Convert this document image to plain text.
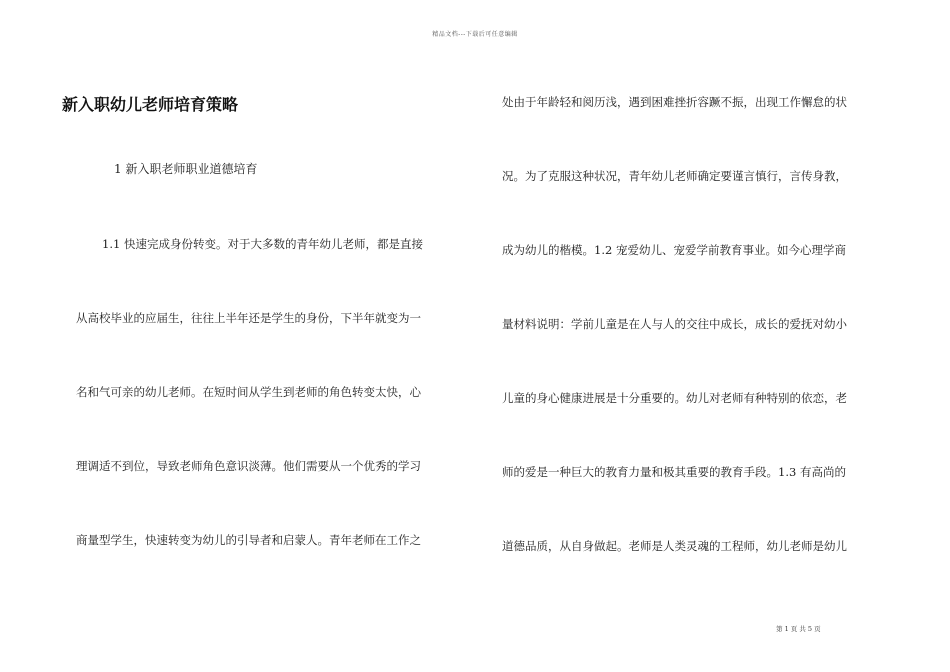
精品文档---下载后可任意编辑
新入职幼儿老师培育策略
1 新入职老师职业道德培育
1.1 快速完成身份转变。对于大多数的青年幼儿老师，都是直接
从高校毕业的应届生，往往上半年还是学生的身份，下半年就变为一
名和气可亲的幼儿老师。在短时间从学生到老师的角色转变太快，心
理调适不到位，导致老师角色意识淡薄。他们需要从一个优秀的学习
商量型学生，快速转变为幼儿的引导者和启蒙人。青年老师在工作之
处由于年龄轻和阅历浅，遇到困难挫折容蹶不振，出现工作懈怠的状
况。为了克服这种状况，青年幼儿老师确定要谨言慎行，言传身教，
成为幼儿的楷模。1.2 宠爱幼儿、宠爱学前教育事业。如今心理学商
量材料说明：学前儿童是在人与人的交往中成长，成长的爱抚对幼小
儿童的身心健康进展是十分重要的。幼儿对老师有种特别的依恋，老
师的爱是一种巨大的教育力量和极其重要的教育手段。1.3 有高尚的
道德品质，从自身做起。老师是人类灵魂的工程师，幼儿老师是幼儿
第 1 页 共 5 页
